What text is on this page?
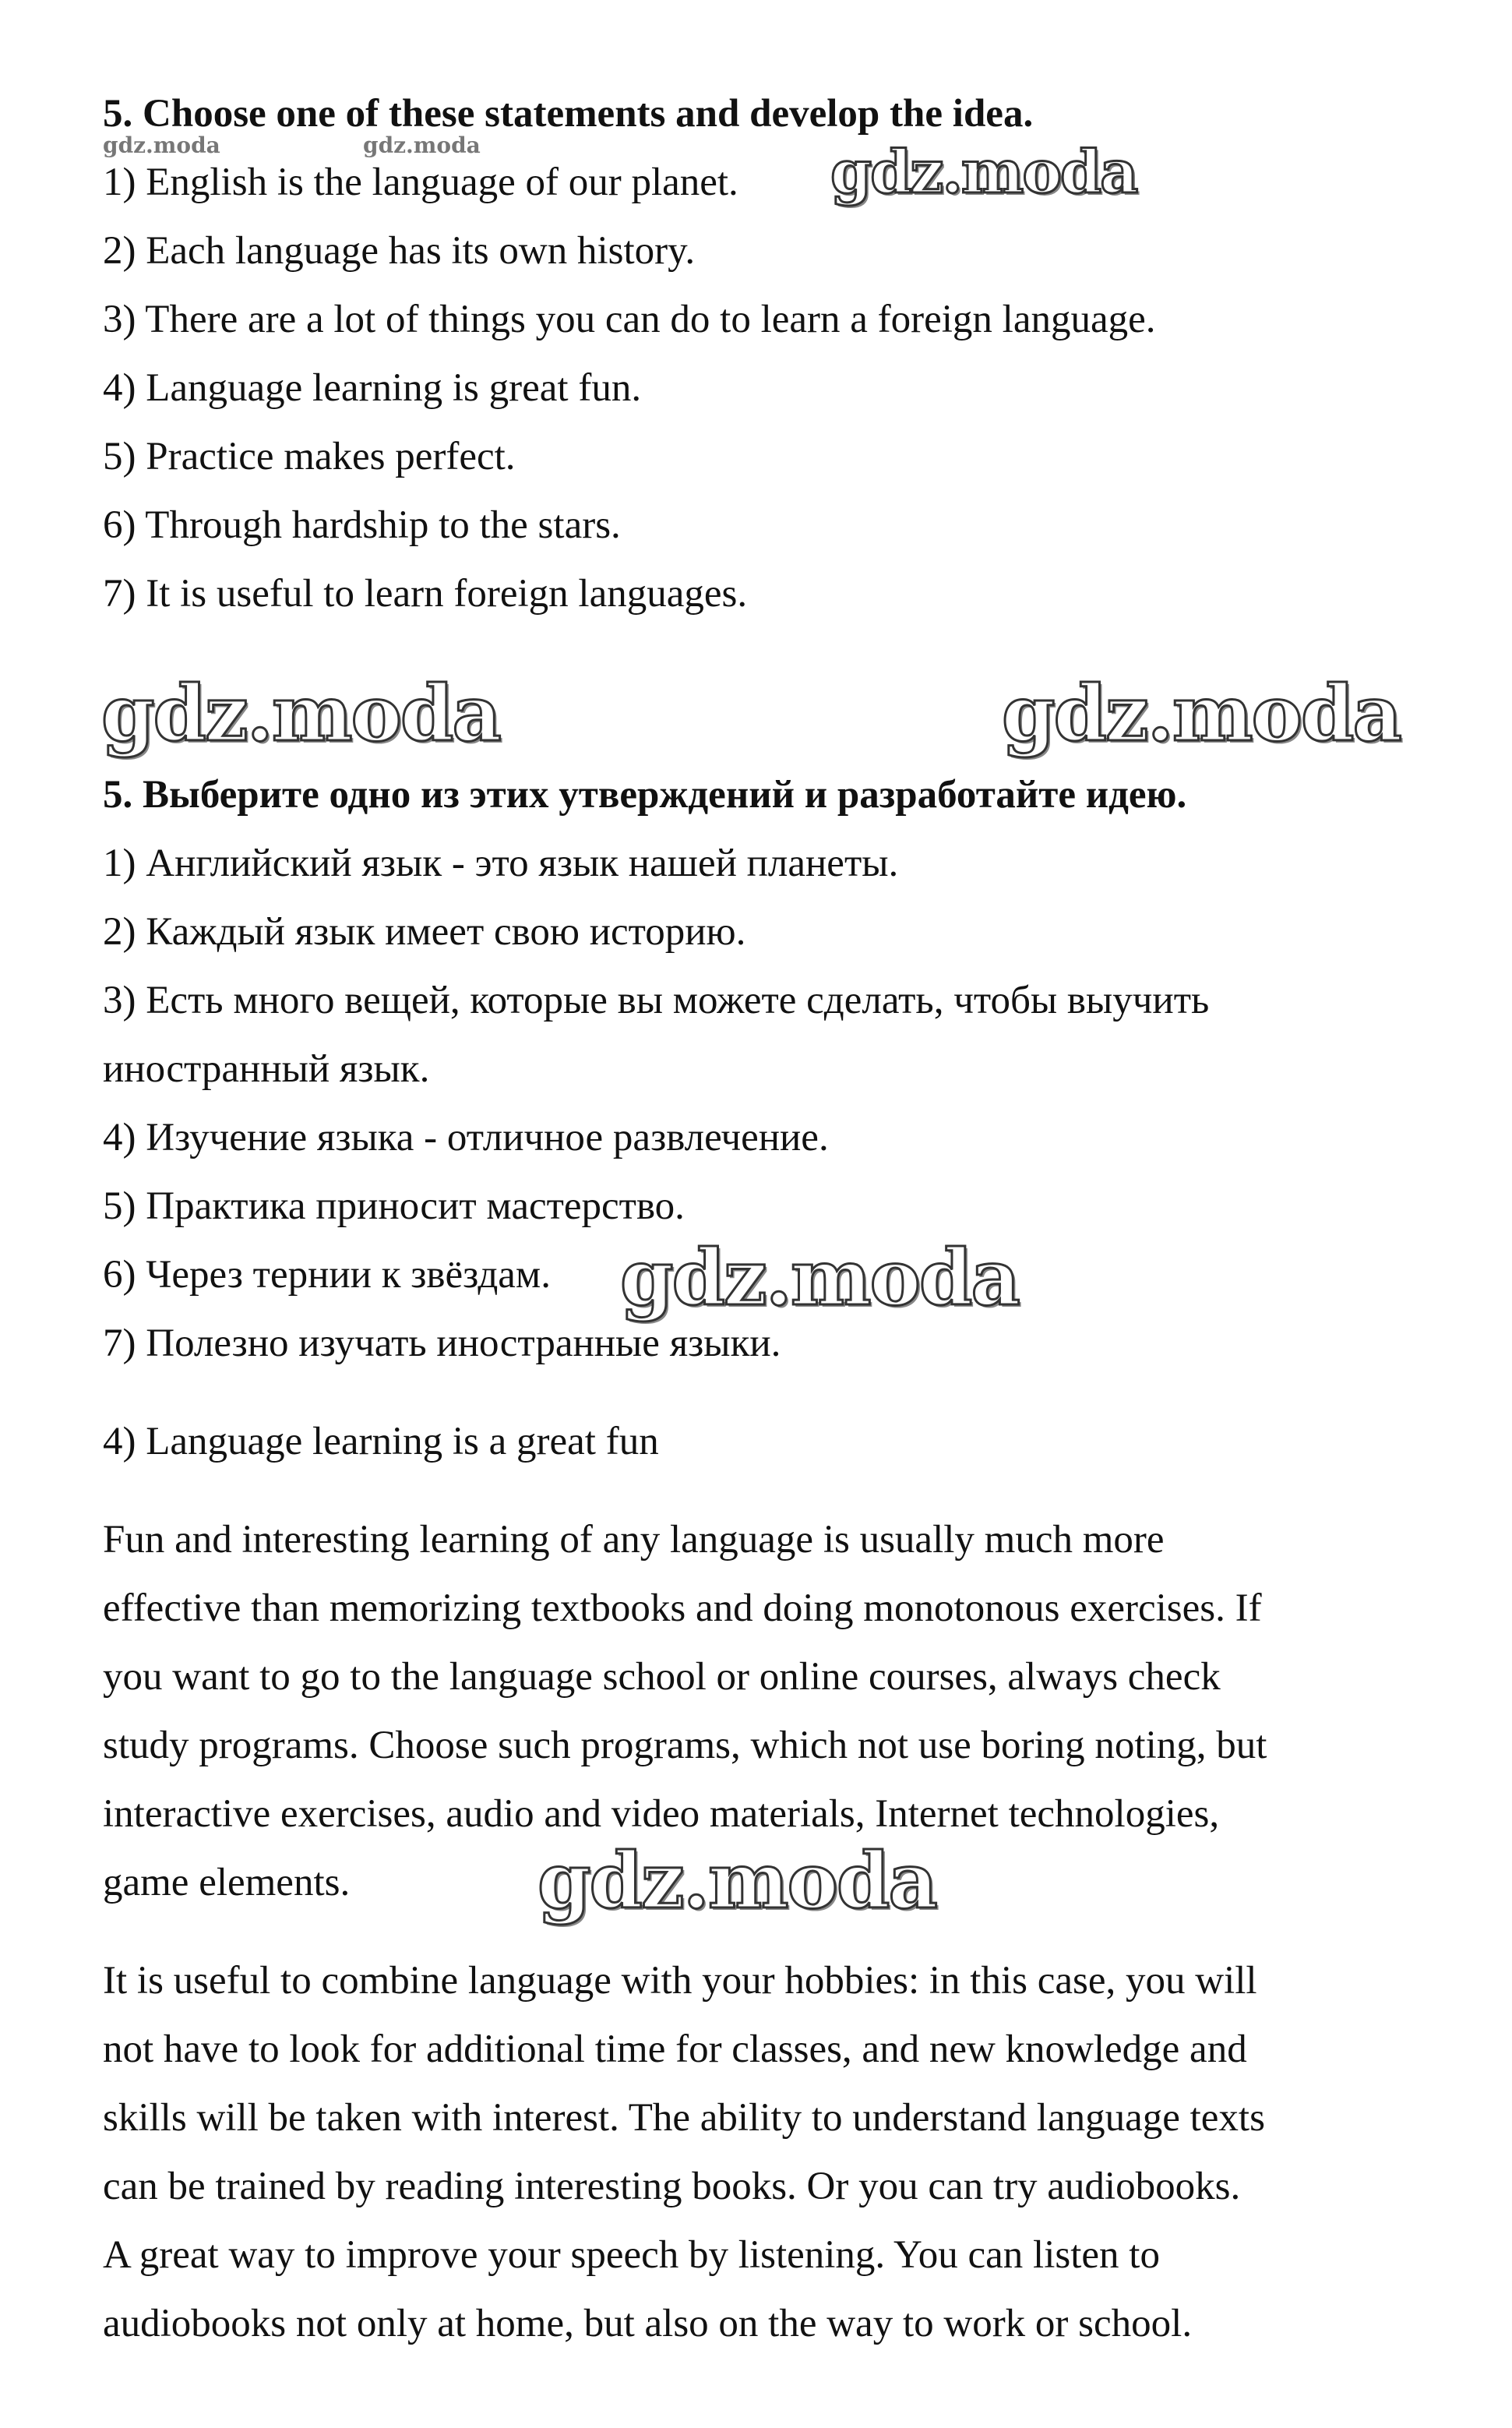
5. Choose one of these statements and develop the idea.
1) English is the language of our planet.
2) Each language has its own history.
3) There are a lot of things you can do to learn a foreign language.
4) Language learning is great fun.
5) Practice makes perfect.
6) Through hardship to the stars.
7) It is useful to learn foreign languages.
5. Выберите одно из этих утверждений и разработайте идею.
1) Английский язык - это язык нашей планеты.
2) Каждый язык имеет свою историю.
3) Есть много вещей, которые вы можете сделать, чтобы выучить
иностранный язык.
4) Изучение языка - отличное развлечение.
5) Практика приносит мастерство.
6) Через тернии к звёздам.
7) Полезно изучать иностранные языки.
4) Language learning is a great fun
Fun and interesting learning of any language is usually much more
effective than memorizing textbooks and doing monotonous exercises. If
you want to go to the language school or online courses, always check
study programs. Choose such programs, which not use boring noting, but
interactive exercises, audio and video materials, Internet technologies,
game elements.
It is useful to combine language with your hobbies: in this case, you will
not have to look for additional time for classes, and new knowledge and
skills will be taken with interest. The ability to understand language texts
can be trained by reading interesting books. Or you can try audiobooks.
A great way to improve your speech by listening. You can listen to
audiobooks not only at home, but also on the way to work or school.
gdz.moda	gdz.moda	gdz.moda
gdz.moda	gdz.moda
gdz.moda
gdz.moda
